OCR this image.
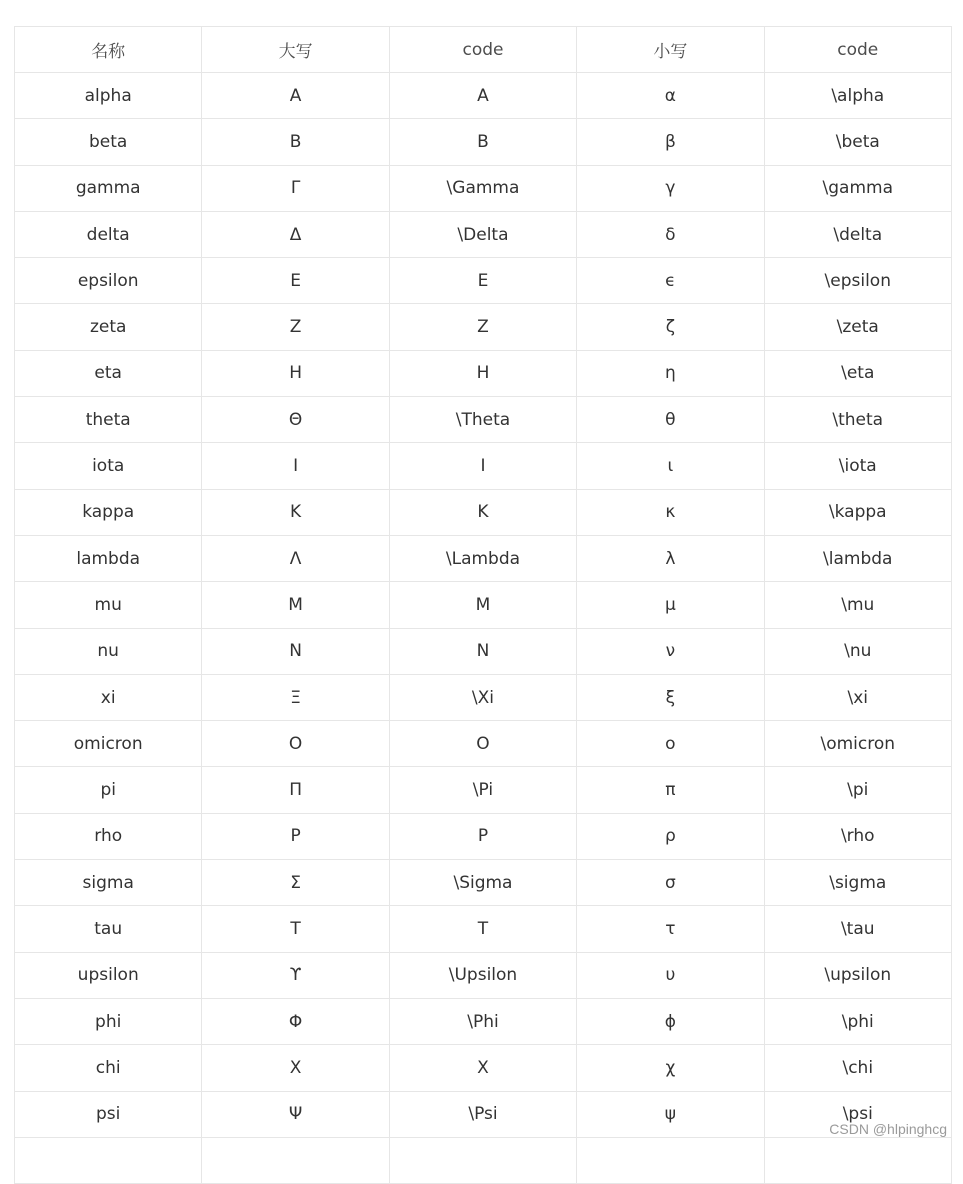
名称	大写	code	小写	code
alpha	A	A	α	\alpha
beta	B	B	β	\beta
gamma	Γ	\Gamma	γ	\gamma
delta	Δ	\Delta	δ	\delta
epsilon	E	E	ϵ	\epsilon
zeta	Z	Z	ζ	\zeta
eta	H	H	η	\eta
theta	Θ	\Theta	θ	\theta
iota	I	I	ι	\iota
kappa	K	K	κ	\kappa
lambda	Λ	\Lambda	λ	\lambda
mu	M	M	μ	\mu
nu	N	N	ν	\nu
xi	Ξ	\Xi	ξ	\xi
omicron	O	O	ο	\omicron
pi	Π	\Pi	π	\pi
rho	P	P	ρ	\rho
sigma	Σ	\Sigma	σ	\sigma
tau	T	T	τ	\tau
upsilon	ϒ	\Upsilon	υ	\upsilon
phi	Φ	\Phi	ϕ	\phi
chi	X	X	χ	\chi
psi	Ψ	\Psi	ψ	\psi

CSDN @hlpinghcg
